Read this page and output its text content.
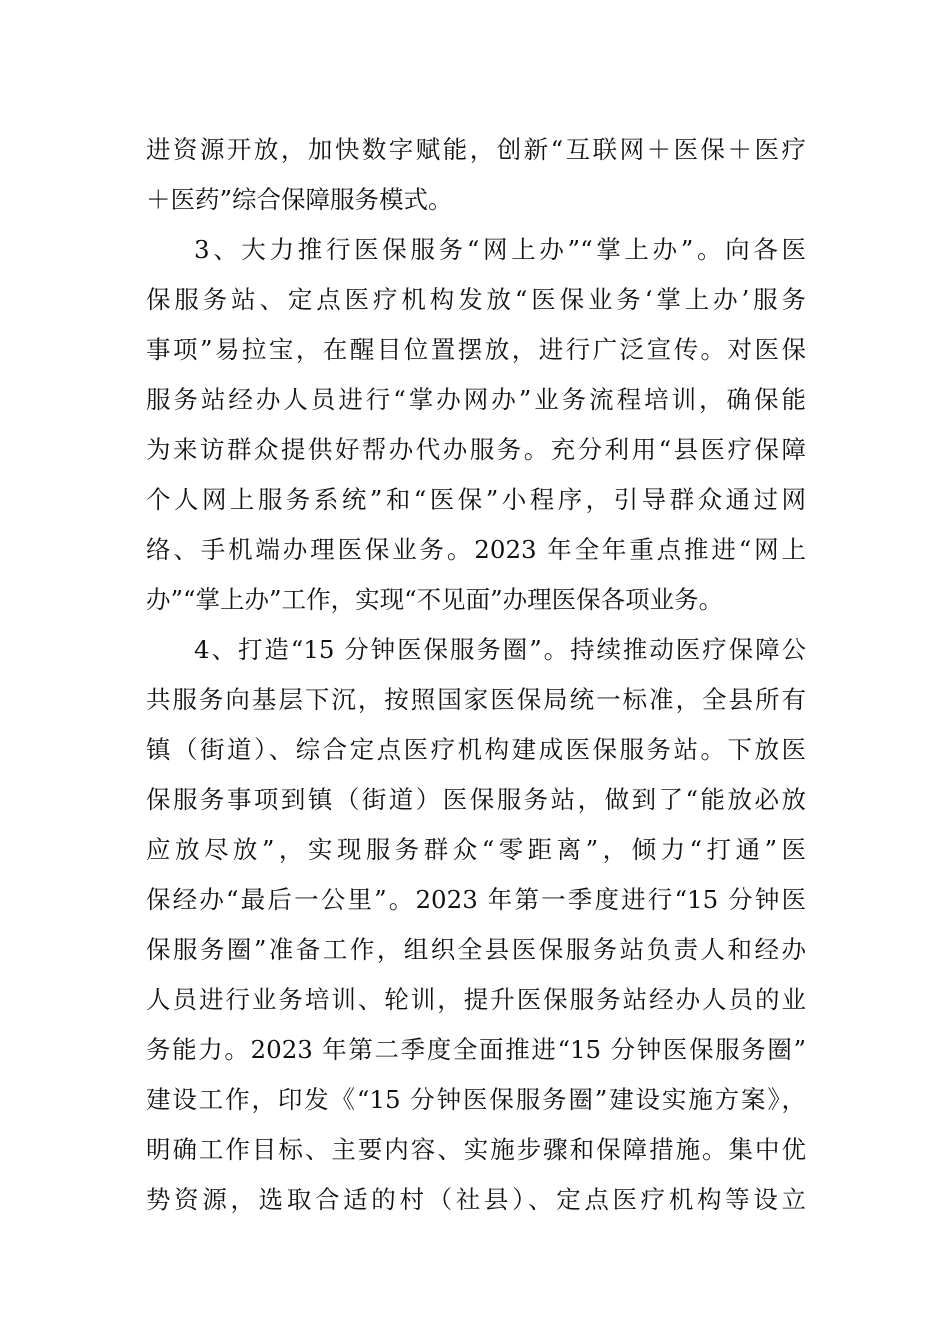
进资源开放，加快数字赋能，创新“互联网＋医保＋医疗
＋医药”综合保障服务模式。
3、大力推行医保服务“网上办”“掌上办”。向各医
保服务站、定点医疗机构发放“医保业务‘掌上办’服务
事项”易拉宝，在醒目位置摆放，进行广泛宣传。对医保
服务站经办人员进行“掌办网办”业务流程培训，确保能
为来访群众提供好帮办代办服务。充分利用“县医疗保障
个人网上服务系统”和“医保”小程序，引导群众通过网
络、手机端办理医保业务。2023 年全年重点推进“网上
办”“掌上办”工作，实现“不见面”办理医保各项业务。
4、打造“15 分钟医保服务圈”。持续推动医疗保障公
共服务向基层下沉，按照国家医保局统一标准，全县所有
镇（街道）、综合定点医疗机构建成医保服务站。下放医
保服务事项到镇（街道）医保服务站，做到了“能放必放
应放尽放”，实现服务群众“零距离”，倾力“打通”医
保经办“最后一公里”。2023 年第一季度进行“15 分钟医
保服务圈”准备工作，组织全县医保服务站负责人和经办
人员进行业务培训、轮训，提升医保服务站经办人员的业
务能力。2023 年第二季度全面推进“15 分钟医保服务圈”
建设工作，印发《“15 分钟医保服务圈”建设实施方案》，
明确工作目标、主要内容、实施步骤和保障措施。集中优
势资源，选取合适的村（社县）、定点医疗机构等设立
